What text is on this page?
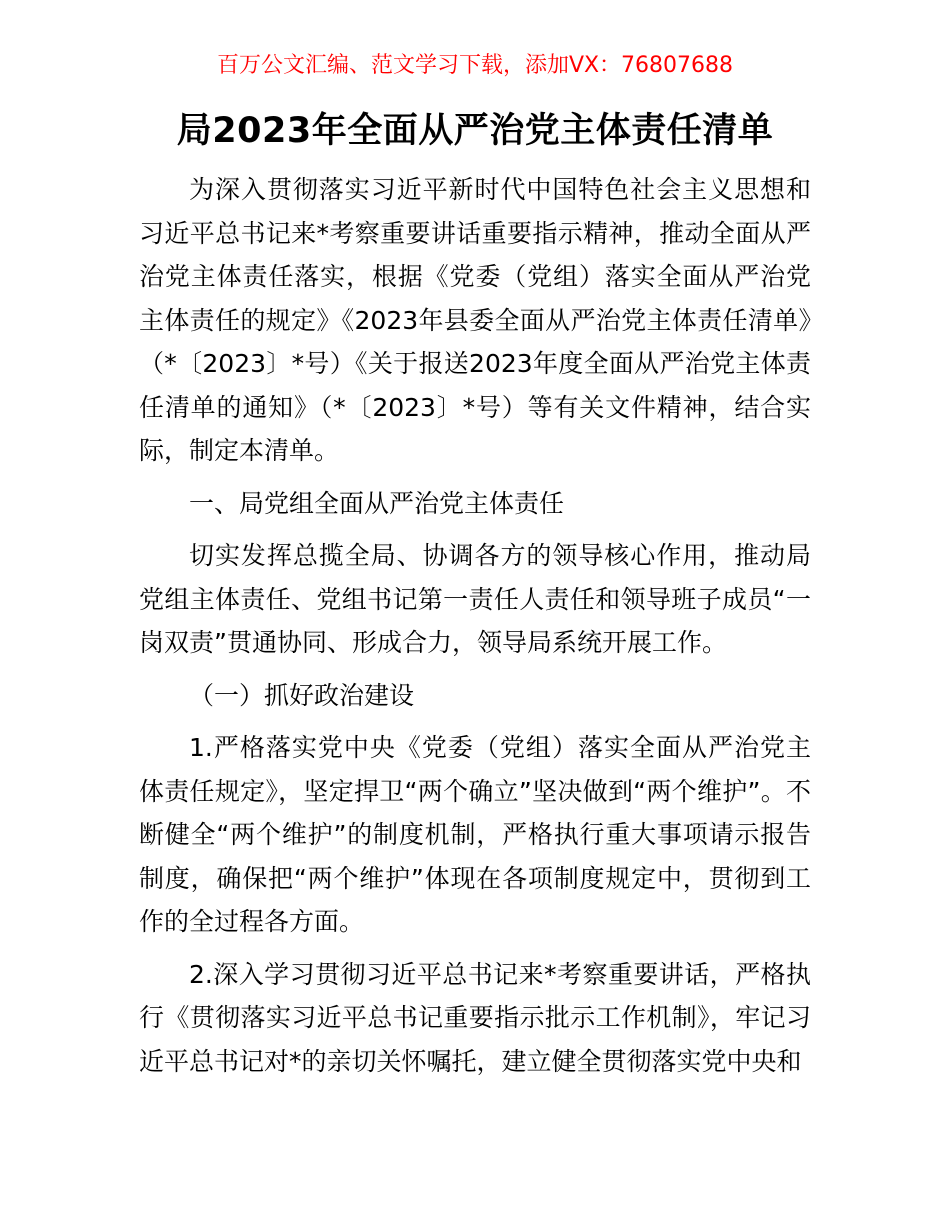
百万公文汇编、范文学习下载，添加VX：76807688
局2023年全面从严治党主体责任清单

为深入贯彻落实习近平新时代中国特色社会主义思想和习近平总书记来*考察重要讲话重要指示精神，推动全面从严治党主体责任落实，根据《党委（党组）落实全面从严治党主体责任的规定》《2023年县委全面从严治党主体责任清单》（*〔2023〕*号）《关于报送2023年度全面从严治党主体责任清单的通知》（*〔2023〕*号）等有关文件精神，结合实际，制定本清单。

一、局党组全面从严治党主体责任

切实发挥总揽全局、协调各方的领导核心作用，推动局党组主体责任、党组书记第一责任人责任和领导班子成员“一岗双责”贯通协同、形成合力，领导局系统开展工作。

（一）抓好政治建设

1.严格落实党中央《党委（党组）落实全面从严治党主体责任规定》，坚定捍卫“两个确立”坚决做到“两个维护”。不断健全“两个维护”的制度机制，严格执行重大事项请示报告制度，确保把“两个维护”体现在各项制度规定中，贯彻到工作的全过程各方面。

2.深入学习贯彻习近平总书记来*考察重要讲话，严格执行《贯彻落实习近平总书记重要指示批示工作机制》，牢记习近平总书记对*的亲切关怀嘱托，建立健全贯彻落实党中央和
